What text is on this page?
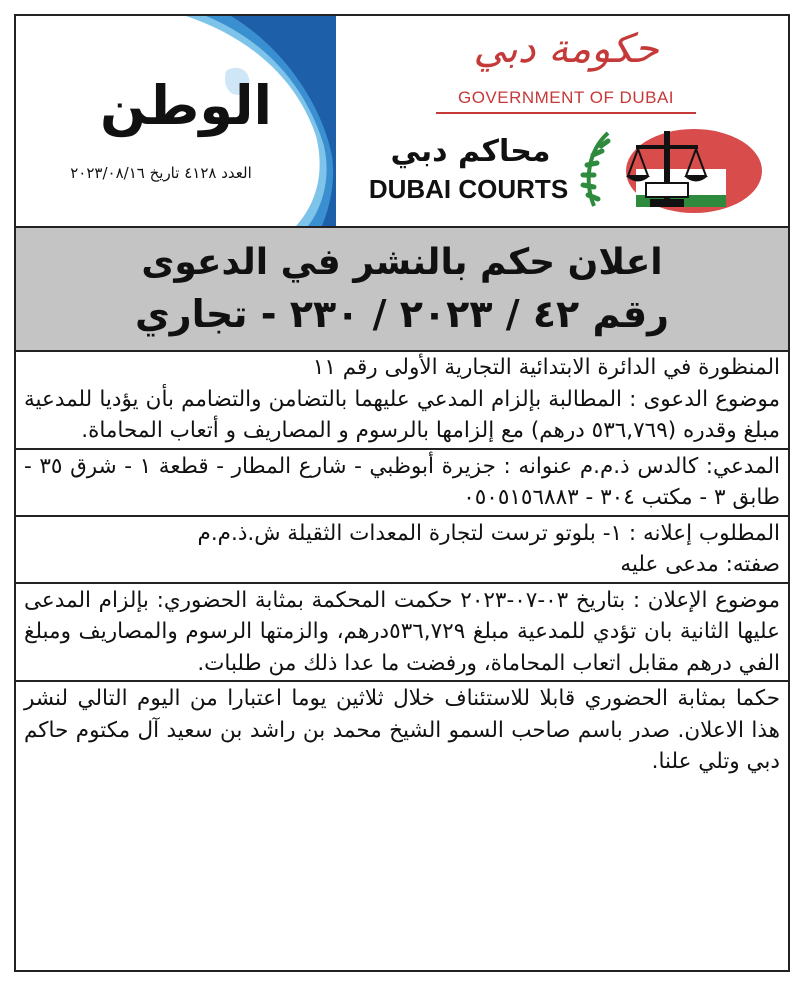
الوطن
العدد ٤١٢٨ تاريخ ٢٠٢٣/٠٨/١٦
حكومة دبي
GOVERNMENT OF DUBAI
محاكم دبي
DUBAI COURTS
اعلان حكم بالنشر في الدعوى
رقم ٤٢ / ٢٠٢٣ / ٢٣٠ - تجاري

المنظورة في الدائرة الابتدائية التجارية الأولى رقم ١١

موضوع الدعوى : المطالبة بإلزام المدعي عليهما بالتضامن والتضامم بأن يؤديا للمدعية مبلغ وقدره (٥٣٦,٧٦٩ درهم) مع إلزامها بالرسوم و المصاريف و أتعاب المحاماة.

المدعي: كالدس ذ.م.م عنوانه : جزيرة أبوظبي - شارع المطار - قطعة ١ - شرق ٣٥ - طابق ٣ - مكتب ٣٠٤ - ٠٥٠٥١٥٦٨٨٣

المطلوب إعلانه : ١- بلوتو ترست لتجارة المعدات الثقيلة ش.ذ.م.م

صفته: مدعى عليه

موضوع الإعلان : بتاريخ ٠٣-٠٧-٢٠٢٣ حكمت المحكمة بمثابة الحضوري: بإلزام المدعى عليها الثانية بان تؤدي للمدعية مبلغ ٥٣٦,٧٢٩درهم، والزمتها الرسوم والمصاريف ومبلغ الفي درهم مقابل اتعاب المحاماة، ورفضت ما عدا ذلك من طلبات.

حكما بمثابة الحضوري قابلا للاستئناف خلال ثلاثين يوما اعتبارا من اليوم التالي لنشر هذا الاعلان. صدر باسم صاحب السمو الشيخ محمد بن راشد بن سعيد آل مكتوم حاكم دبي وتلي علنا.
